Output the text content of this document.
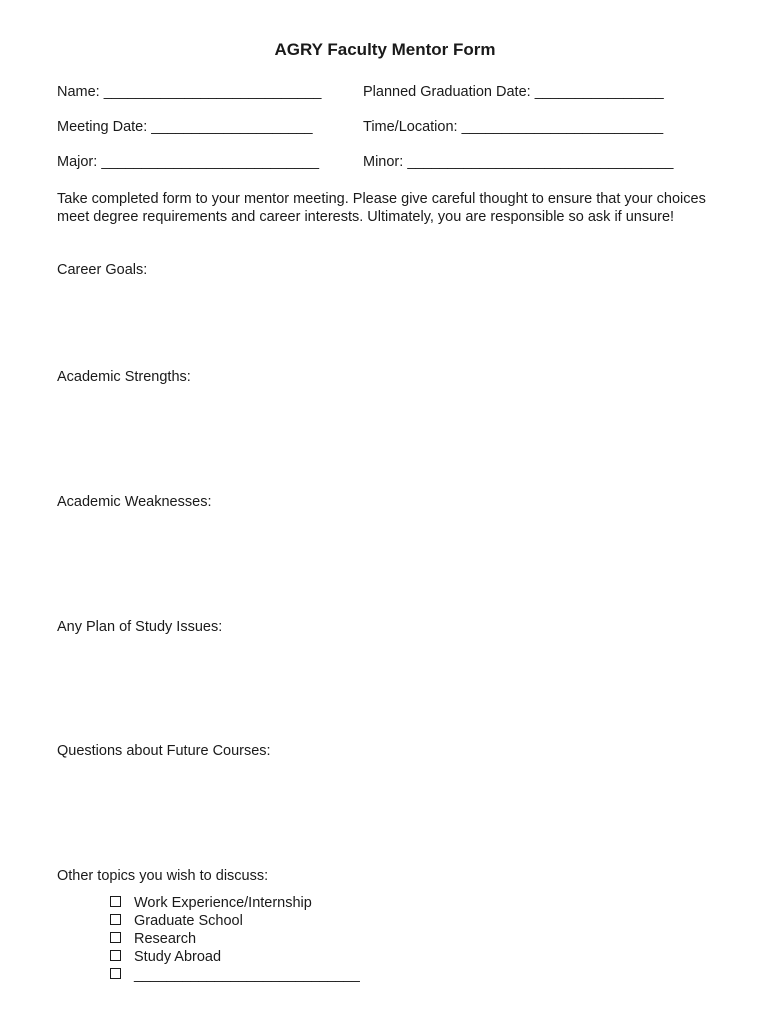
AGRY Faculty Mentor Form
Name: ___________________________	Planned Graduation Date: ________________
Meeting Date: ____________________	Time/Location: _________________________
Major: ___________________________	Minor: _________________________________
Take completed form to your mentor meeting. Please give careful thought to ensure that your choices meet degree requirements and career interests. Ultimately, you are responsible so ask if unsure!
Career Goals:
Academic Strengths:
Academic Weaknesses:
Any Plan of Study Issues:
Questions about Future Courses:
Other topics you wish to discuss:
Work Experience/Internship
Graduate School
Research
Study Abroad
____________________________
